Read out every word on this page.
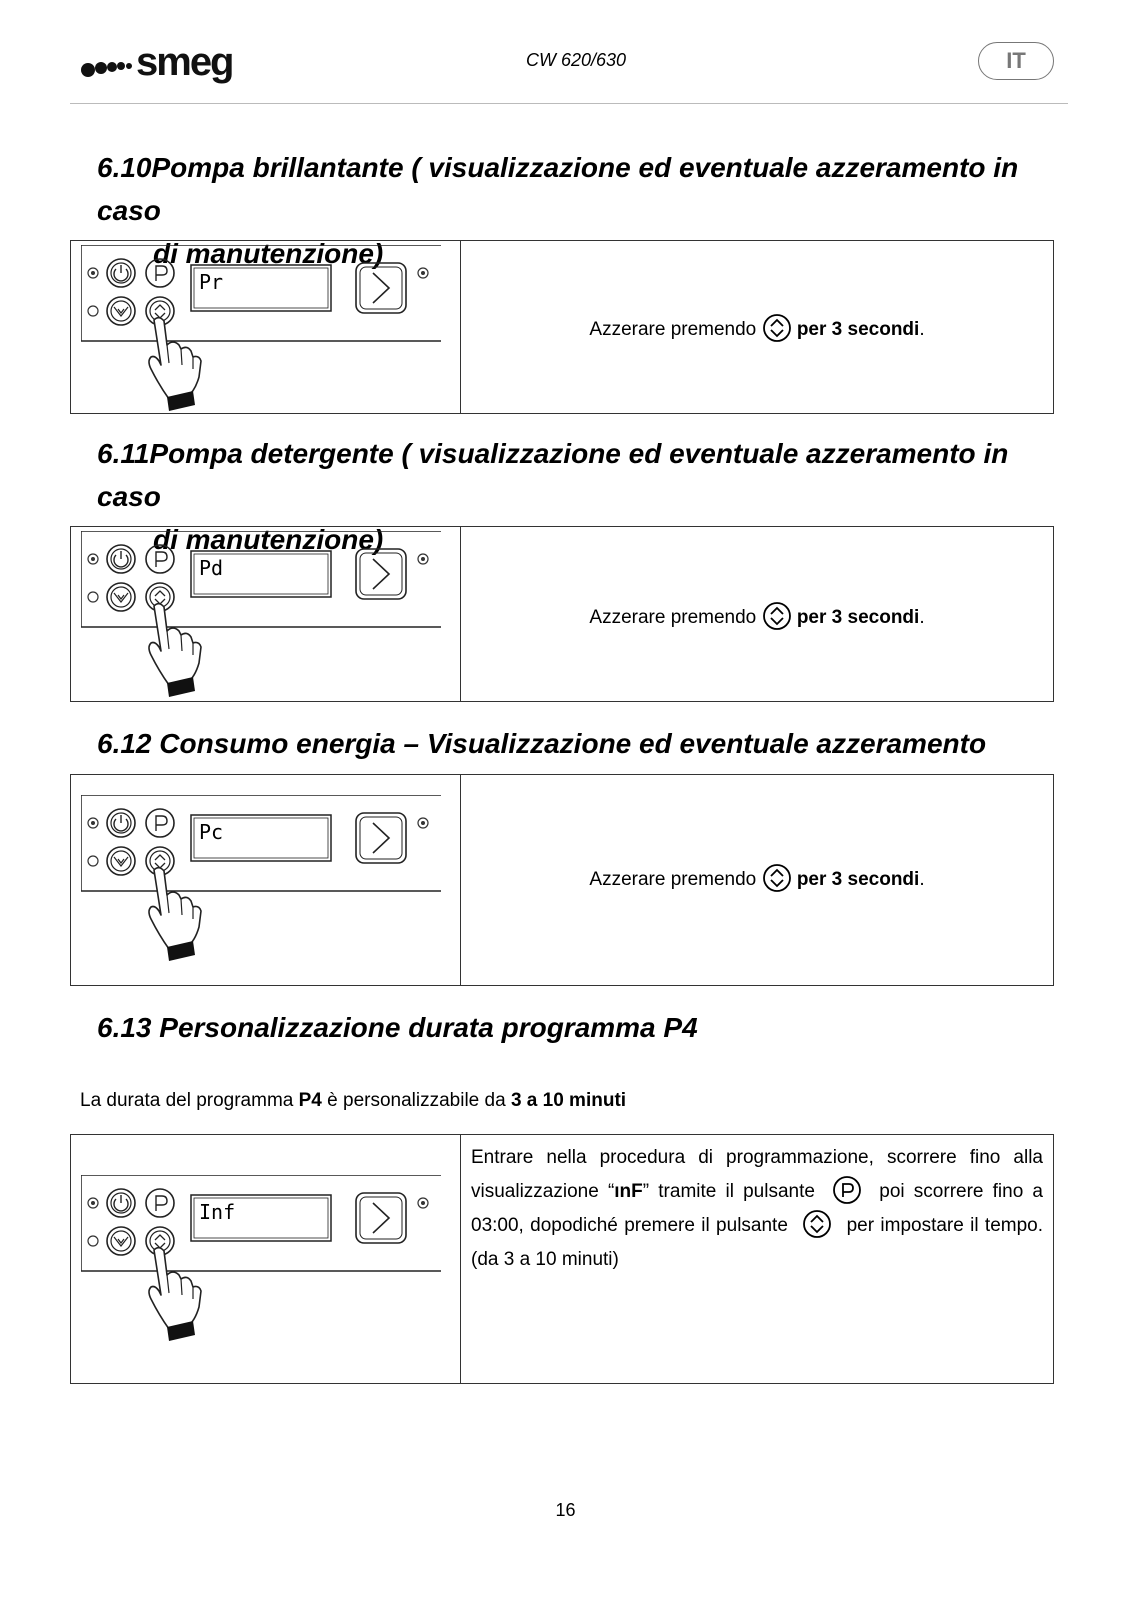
smeg	CW 620/630	IT
6.10Pompa brillantante ( visualizzazione ed eventuale azzeramento in caso
di manutenzione)
Pr
Azzerare premendo per 3 secondi.
6.11Pompa detergente ( visualizzazione ed eventuale azzeramento in caso
di manutenzione)
Pd
Azzerare premendo per 3 secondi.
6.12 Consumo energia – Visualizzazione ed eventuale azzeramento
Pc
Azzerare premendo per 3 secondi.
6.13 Personalizzazione durata programma P4
La durata del programma P4 è personalizzabile da 3 a 10 minuti
Inf
Entrare nella procedura di programmazione, scorrere fino alla visualizzazione “ınF” tramite il pulsante	poi scorrere fino a 03:00, dopodiché premere il pulsante	per impostare il tempo. (da 3 a 10 minuti)
16
